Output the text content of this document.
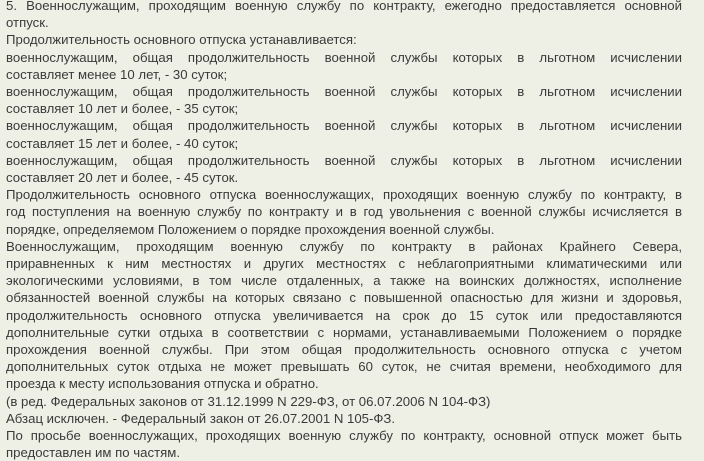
5. Военнослужащим, проходящим военную службу по контракту, ежегодно предоставляется основной
отпуск.
Продолжительность основного отпуска устанавливается:
военнослужащим, общая продолжительность военной службы которых в льготном исчислении
составляет менее 10 лет, - 30 суток;
военнослужащим, общая продолжительность военной службы которых в льготном исчислении
составляет 10 лет и более, - 35 суток;
военнослужащим, общая продолжительность военной службы которых в льготном исчислении
составляет 15 лет и более, - 40 суток;
военнослужащим, общая продолжительность военной службы которых в льготном исчислении
составляет 20 лет и более, - 45 суток.
Продолжительность основного отпуска военнослужащих, проходящих военную службу по контракту, в
год поступления на военную службу по контракту и в год увольнения с военной службы исчисляется в
порядке, определяемом Положением о порядке прохождения военной службы.
Военнослужащим, проходящим военную службу по контракту в районах Крайнего Севера,
приравненных к ним местностях и других местностях с неблагоприятными климатическими или
экологическими условиями, в том числе отдаленных, а также на воинских должностях, исполнение
обязанностей военной службы на которых связано с повышенной опасностью для жизни и здоровья,
продолжительность основного отпуска увеличивается на срок до 15 суток или предоставляются
дополнительные сутки отдыха в соответствии с нормами, устанавливаемыми Положением о порядке
прохождения военной службы. При этом общая продолжительность основного отпуска с учетом
дополнительных суток отдыха не может превышать 60 суток, не считая времени, необходимого для
проезда к месту использования отпуска и обратно.
(в ред. Федеральных законов от 31.12.1999 N 229-ФЗ, от 06.07.2006 N 104-ФЗ)
Абзац исключен. - Федеральный закон от 26.07.2001 N 105-ФЗ.
По просьбе военнослужащих, проходящих военную службу по контракту, основной отпуск может быть
предоставлен им по частям.
